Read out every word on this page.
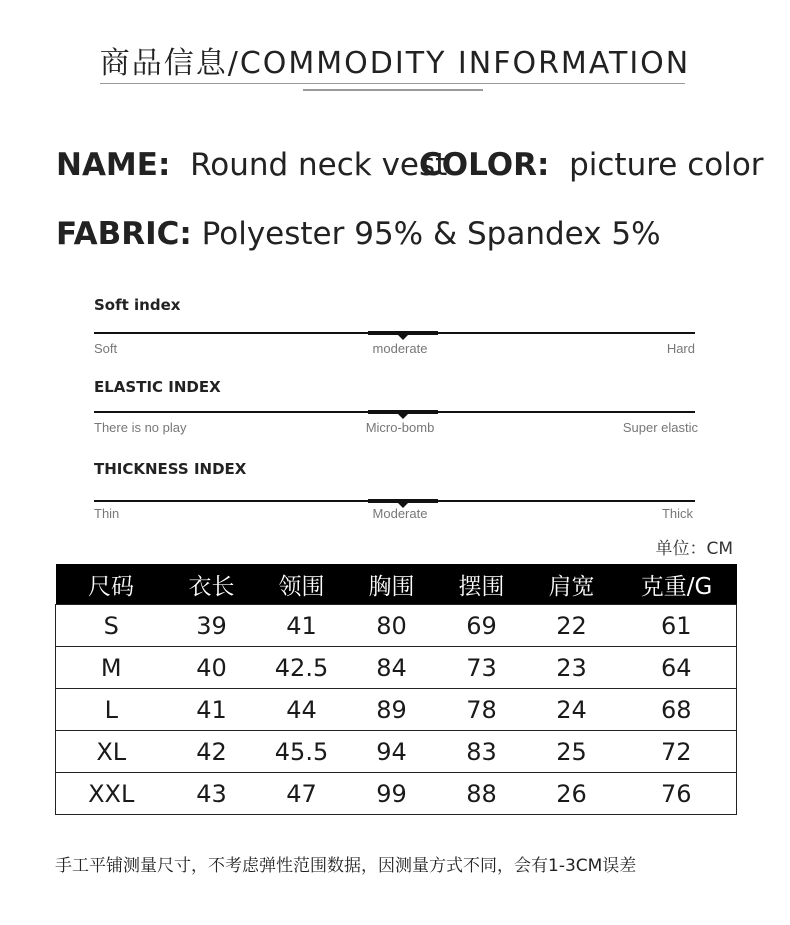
商品信息/COMMODITY INFORMATION
NAME: Round neck vest
COLOR: picture color
FABRIC: Polyester 95% & Spandex 5%
Soft index
Soft	moderate	Hard
ELASTIC INDEX
There is no play	Micro-bomb	Super elastic
THICKNESS INDEX
Thin	Moderate	Thick
单位：CM
尺码	衣长	领围	胸围	摆围	肩宽	克重/G
S	39	41	80	69	22	61
M	40	42.5	84	73	23	64
L	41	44	89	78	24	68
XL	42	45.5	94	83	25	72
XXL	43	47	99	88	26	76
手工平铺测量尺寸，不考虑弹性范围数据，因测量方式不同，会有1-3CM误差
